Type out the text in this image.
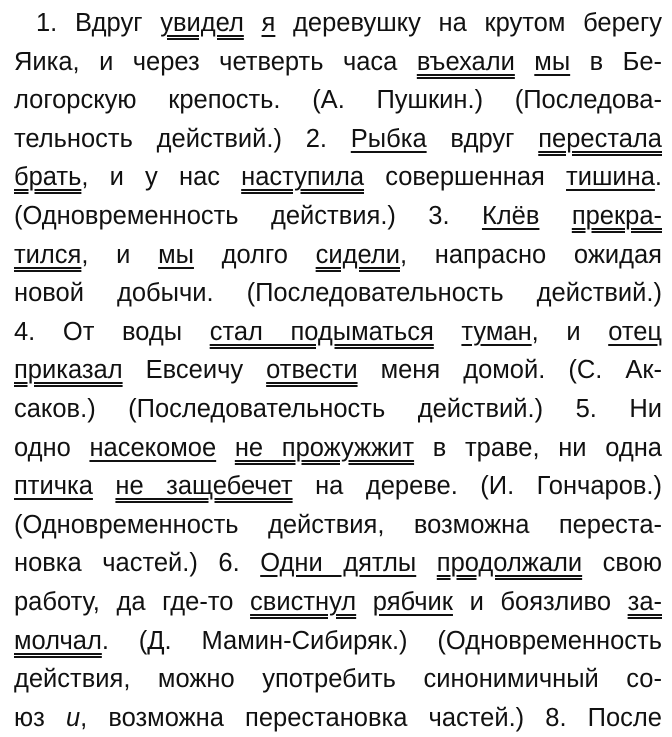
1. Вдруг увидел я деревушку на крутом берегу
Яика, и через четверть часа въехали мы в Бе-
логорскую крепость. (А. Пушкин.) (Последова-
тельность действий.) 2. Рыбка вдруг перестала
брать, и у нас наступила совершенная тишина.
(Одновременность действия.) 3. Клёв прекра-
тился, и мы долго сидели, напрасно ожидая
новой добычи. (Последовательность действий.)
4. От воды стал подыматься туман, и отец
приказал Евсеичу отвести меня домой. (С. Ак-
саков.) (Последовательность действий.) 5. Ни
одно насекомое не прожужжит в траве, ни одна
птичка не защебечет на дереве. (И. Гончаров.)
(Одновременность действия, возможна переста-
новка частей.) 6. Одни дятлы продолжали свою
работу, да где-то свистнул рябчик и боязливо за-
молчал. (Д. Мамин-Сибиряк.) (Одновременность
действия, можно употребить синонимичный со-
юз и, возможна перестановка частей.) 8. После
